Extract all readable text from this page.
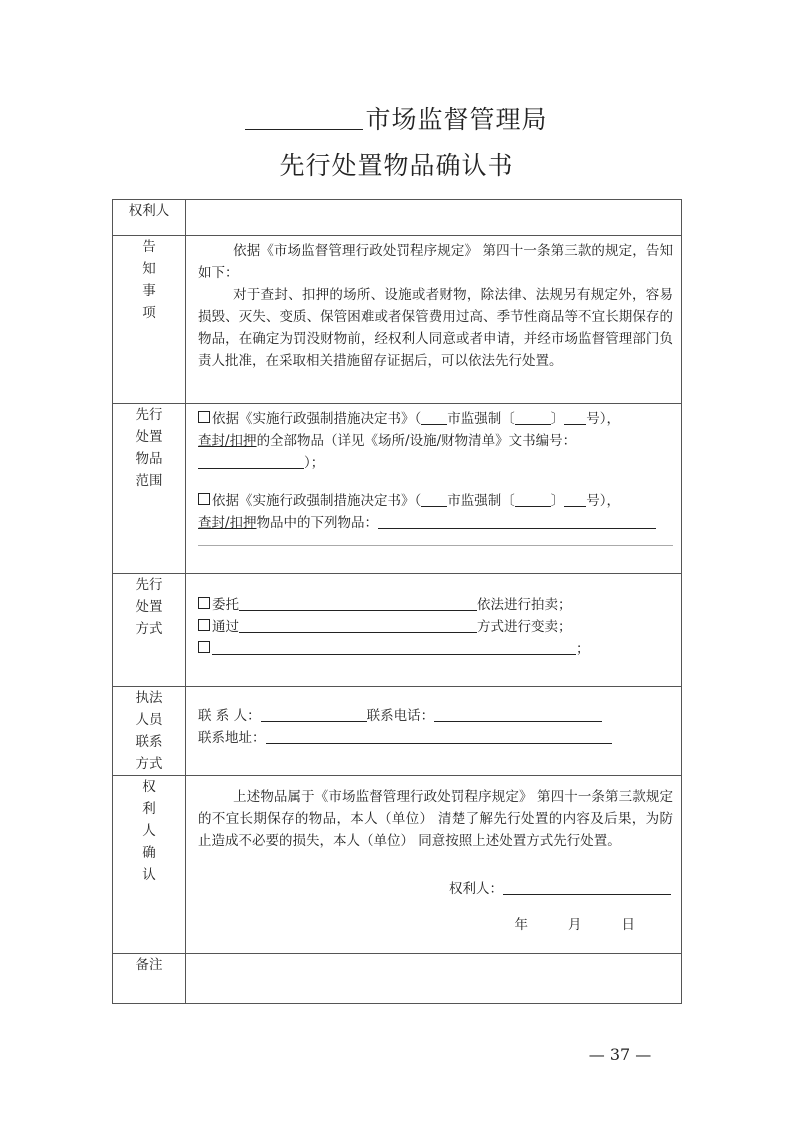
市场监督管理局
先行处置物品确认书
权利人	
告知事项	依据《市场监督管理行政处罚程序规定》 第四十一条第三款的规定，告知如下：

对于查封、扣押的场所、设施或者财物，除法律、法规另有规定外，容易损毁、灭失、变质、保管困难或者保管费用过高、季节性商品等不宜长期保存的物品，在确定为罚没财物前，经权利人同意或者申请，并经市场监督管理部门负责人批准，在采取相关措施留存证据后，可以依法先行处置。

先行处置物品范围	依据《实施行政强制措施决定书》（ 市监强制〔 〕 号），
查封/扣押的全部物品（详见《场所/设施/财物清单》文书编号：）；
依据《实施行政强制措施决定书》（ 市监强制〔 〕 号），
查封/扣押物品中的下列物品：

先行处置方式	委托 依法进行拍卖；
通过 方式进行变卖；
；

执法人员联系方式	联 系 人： 联系电话：
联系地址：

权利人确认	上述物品属于《市场监督管理行政处罚程序规定》 第四十一条第三款规定的不宜长期保存的物品，本人（单位） 清楚了解先行处置的内容及后果，为防止造成不必要的损失，本人（单位） 同意按照上述处置方式先行处置。

权利人：
年 月 日

备注	
— 37 —
